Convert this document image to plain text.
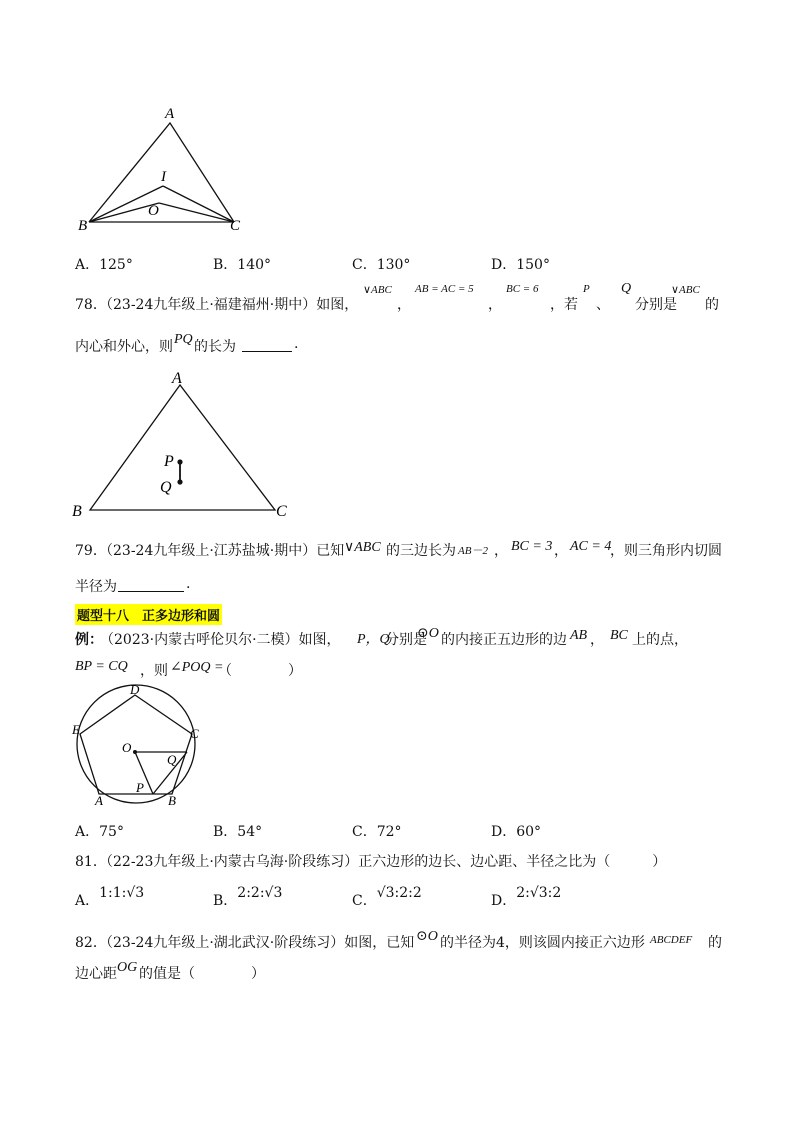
A
I
O
B	C
A．125°	B．140°	C．130°	D．150°
78．
（23-24九年级上·福建福州·期中）如图，
∨ABC
，
AB = AC = 5
，
BC = 6
，若
P
、
Q
分别是
∨ABC
的
内心和外心，则 PQ 的长为	.
A
P
Q
B	C
79．
（23-24九年级上·江苏盐城·期中）已知 ∨ABC 的三边长为 AB－2 ， BC = 3 ， AC = 4
，则三角形内切圆
半径为	.
题型十八　正多边形和圆
例：
（2023·内蒙古呼伦贝尔·二模）如图， P，Q
分别是
⊙O 的内接正五边形的边 AB ， BC 上的点，
BP = CQ ，则 ∠POQ =
（　　　　）
D
E	C
O
Q
P
A	B
A．75°	B．54°	C．72°	D．60°
81．
（22-23九年级上·内蒙古乌海·阶段练习）正六边形的边长、边心距、半径之比为（　　　）
A．1:1:√3	B．2:2:√3	C．√3:2:2	D．2:√3:2
82．
（23-24九年级上·湖北武汉·阶段练习）如图，已知 ⊙O 的半径为4，则该圆内接正六边形 ABCDEF 的
边心距 OG 的值是（　　　　）
